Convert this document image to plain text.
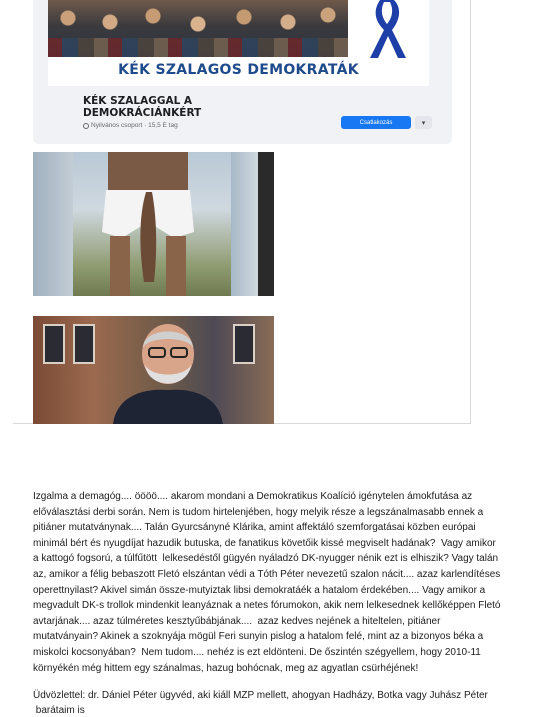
KÉK SZALAGOS DEMOKRATÁK
KÉK SZALAGGAL A
DEMOKRÁCIÁNKÉRT
Nyilvános csoport · 15,5 E tag	Csatlakozás	▾

Izgalma a demagóg.... öööö.... akarom mondani a Demokratikus Koalíció igénytelen ámokfutása az

előválasztási derbi során. Nem is tudom hirtelenjében, hogy melyik része a legszánalmasabb ennek a

pitiáner mutatványnak.... Talán Gyurcsányné Klárika, amint affektáló szemforgatásai közben európai

minimál bért és nyugdíjat hazudik butuska, de fanatikus követőik kissé megviselt hadának?  Vagy amikor

a kattogó fogsorú, a túlfűtött  lelkesedéstől gügyén nyáladzó DK-nyugger nénik ezt is elhiszik? Vagy talán

az, amikor a félig bebaszott Fletó elszántan védi a Tóth Péter nevezetű szalon nácit.... azaz karlendítéses

operettnyilast? Akivel simán össze-mutyiztak libsi demokratáék a hatalom érdekében.... Vagy amikor a

megvadult DK-s trollok mindenkit leanyáznak a netes fórumokon, akik nem lelkesednek kellőképpen Fletó

avtarjának.... azaz túlméretes kesztyűbábjának....  azaz kedves nejének a hiteltelen, pitiáner

mutatványain? Akinek a szoknyája mögül Feri sunyin pislog a hatalom felé, mint az a bizonyos béka a

miskolci kocsonyában?  Nem tudom.... nehéz is ezt eldönteni. De őszintén szégyellem, hogy 2010-11

környékén még hittem egy szánalmas, hazug bohócnak, meg az agyatlan csürhéjének!

Üdvözlettel: dr. Dániel Péter ügyvéd, aki kiáll MZP mellett, ahogyan Hadházy, Botka vagy Juhász Péter

barátaim is
